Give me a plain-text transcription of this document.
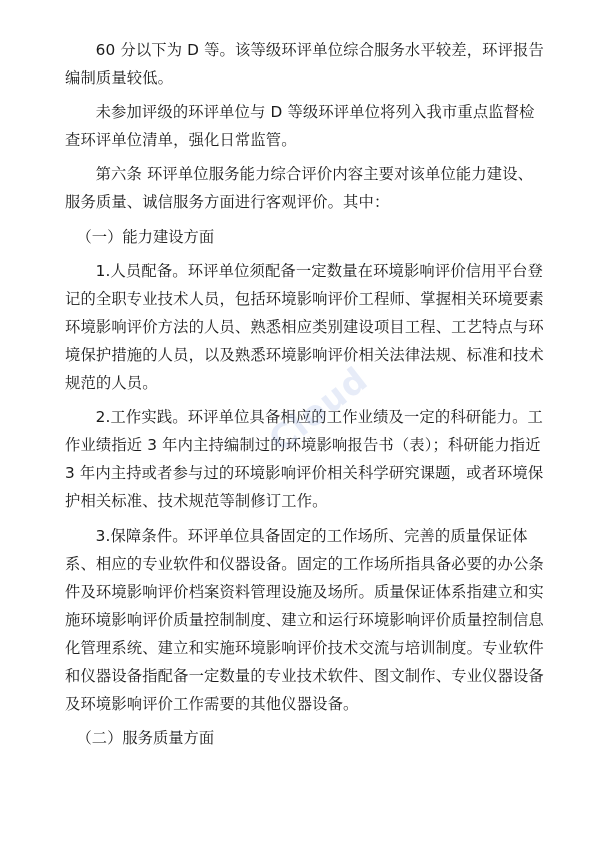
60 分以下为 D 等。该等级环评单位综合服务水平较差，环评报告编制质量较低。

未参加评级的环评单位与 D 等级环评单位将列入我市重点监督检查环评单位清单，强化日常监管。

第六条 环评单位服务能力综合评价内容主要对该单位能力建设、服务质量、诚信服务方面进行客观评价。其中：

（一）能力建设方面

1.人员配备。环评单位须配备一定数量在环境影响评价信用平台登记的全职专业技术人员，包括环境影响评价工程师、掌握相关环境要素环境影响评价方法的人员、熟悉相应类别建设项目工程、工艺特点与环境保护措施的人员，以及熟悉环境影响评价相关法律法规、标准和技术规范的人员。

2.工作实践。环评单位具备相应的工作业绩及一定的科研能力。工作业绩指近 3 年内主持编制过的环境影响报告书（表）；科研能力指近 3 年内主持或者参与过的环境影响评价相关科学研究课题，或者环境保护相关标准、技术规范等制修订工作。

3.保障条件。环评单位具备固定的工作场所、完善的质量保证体系、相应的专业软件和仪器设备。固定的工作场所指具备必要的办公条件及环境影响评价档案资料管理设施及场所。质量保证体系指建立和实施环境影响评价质量控制制度、建立和运行环境影响评价质量控制信息化管理系统、建立和实施环境影响评价技术交流与培训制度。专业软件和仪器设备指配备一定数量的专业技术软件、图文制作、专业仪器设备及环境影响评价工作需要的其他仪器设备。

（二）服务质量方面

Cloud
